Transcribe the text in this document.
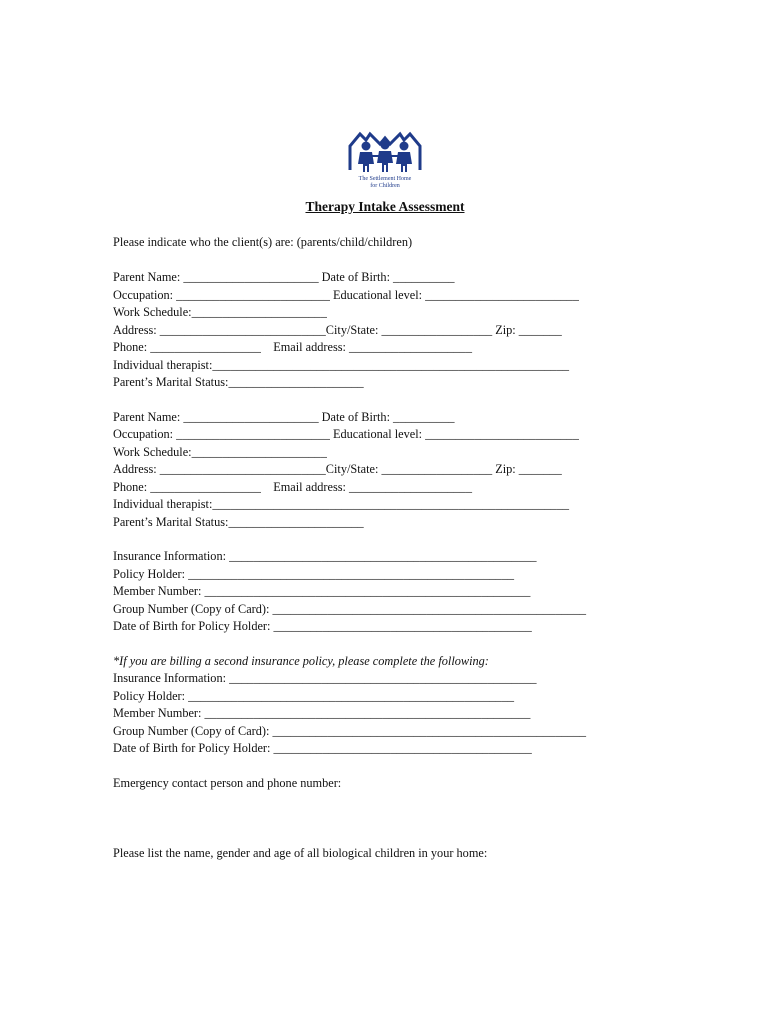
The Settlement Home
for Children
Therapy Intake Assessment
Please indicate who the client(s) are: (parents/child/children)
Parent Name: ______________________ Date of Birth: __________
Occupation: _________________________ Educational level: _________________________
Work Schedule:______________________
Address: ___________________________City/State: __________________ Zip: _______
Phone: __________________    Email address: ____________________
Individual therapist:__________________________________________________________
Parent’s Marital Status:______________________
Parent Name: ______________________ Date of Birth: __________
Occupation: _________________________ Educational level: _________________________
Work Schedule:______________________
Address: ___________________________City/State: __________________ Zip: _______
Phone: __________________    Email address: ____________________
Individual therapist:__________________________________________________________
Parent’s Marital Status:______________________
Insurance Information: __________________________________________________
Policy Holder: _____________________________________________________
Member Number: _____________________________________________________
Group Number (Copy of Card): ___________________________________________________
Date of Birth for Policy Holder: __________________________________________
*If you are billing a second insurance policy, please complete the following:
Insurance Information: __________________________________________________
Policy Holder: _____________________________________________________
Member Number: _____________________________________________________
Group Number (Copy of Card): ___________________________________________________
Date of Birth for Policy Holder: __________________________________________
Emergency contact person and phone number:
Please list the name, gender and age of all biological children in your home:
